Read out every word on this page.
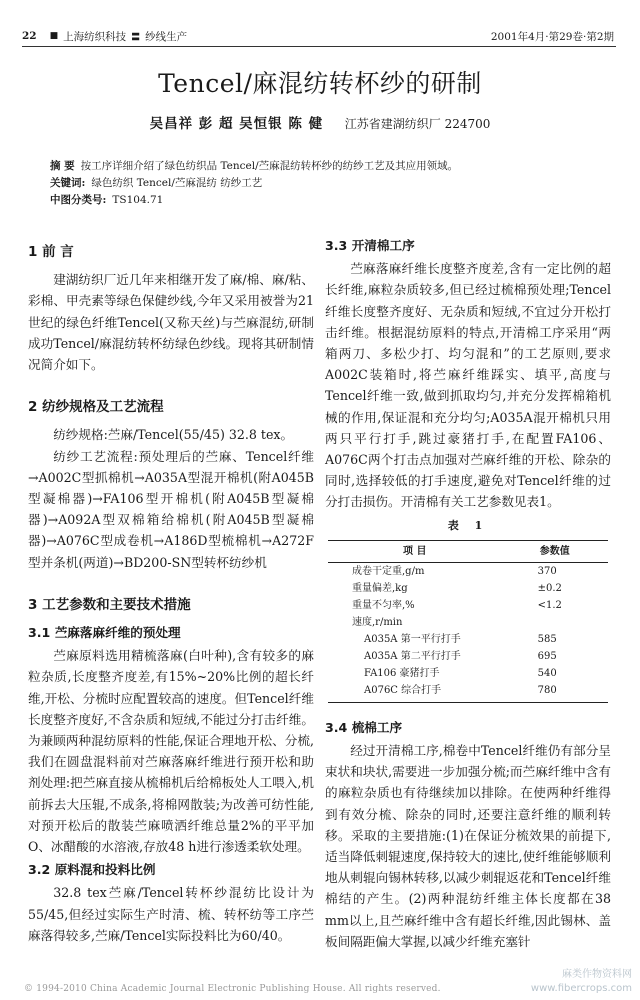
22 ■ 上海纺织科技 〓 纱线生产	2001年4月·第29卷·第2期
Tencel/麻混纺转杯纱的研制
吴昌祥 彭 超 吴恒银 陈 健 江苏省建湖纺织厂 224700
摘 要 按工序详细介绍了绿色纺织品 Tencel/苎麻混纺转杯纱的纺纱工艺及其应用领域。
关键词: 绿色纺织 Tencel/苎麻混纺 纺纱工艺
中图分类号: TS104.71
1 前 言

建湖纺织厂近几年来相继开发了麻/棉、麻/粘、彩棉、甲壳素等绿色保健纱线,今年又采用被誉为21世纪的绿色纤维Tencel(又称天丝)与苎麻混纺,研制成功Tencel/麻混纺转杯纺绿色纱线。现将其研制情况简介如下。

2 纺纱规格及工艺流程

纺纱规格:苎麻/Tencel(55/45) 32.8 tex。

纺纱工艺流程:预处理后的苎麻、Tencel纤维→A002C型抓棉机→A035A型混开棉机(附A045B型凝棉器)→FA106型开棉机(附A045B型凝棉器)→A092A型双棉箱给棉机(附A045B型凝棉器)→A076C型成卷机→A186D型梳棉机→A272F型并条机(两道)→BD200-SN型转杯纺纱机

3 工艺参数和主要技术措施
3.1 苎麻落麻纤维的预处理

苎麻原料选用精梳落麻(白叶种),含有较多的麻粒杂质,长度整齐度差,有15%~20%比例的超长纤维,开松、分梳时应配置较高的速度。但Tencel纤维长度整齐度好,不含杂质和短绒,不能过分打击纤维。为兼顾两种混纺原料的性能,保证合理地开松、分梳,我们在圆盘混料前对苎麻落麻纤维进行预开松和助剂处理:把苎麻直接从梳棉机后给棉板处人工喂入,机前拆去大压辊,不成条,将棉网散装;为改善可纺性能,对预开松后的散装苎麻喷洒纤维总量2%的平平加O、冰醋酸的水溶液,存放48 h进行渗透柔软处理。

3.2 原料混和投料比例

32.8 tex苎麻/Tencel转杯纱混纺比设计为55/45,但经过实际生产时清、梳、转杯纺等工序苎麻落得较多,苎麻/Tencel实际投料比为60/40。

3.3 开清棉工序

苎麻落麻纤维长度整齐度差,含有一定比例的超长纤维,麻粒杂质较多,但已经过梳棉预处理;Tencel纤维长度整齐度好、无杂质和短绒,不宜过分开松打击纤维。根据混纺原料的特点,开清棉工序采用“两箱两刀、多松少打、均匀混和”的工艺原则,要求A002C装箱时,将苎麻纤维踩实、填平,高度与Tencel纤维一致,做到抓取均匀,并充分发挥棉箱机械的作用,保证混和充分均匀;A035A混开棉机只用两只平行打手,跳过豪猪打手,在配置FA106、A076C两个打击点加强对苎麻纤维的开松、除杂的同时,选择较低的打手速度,避免对Tencel纤维的过分打击损伤。开清棉有关工艺参数见表1。

表 1
项 目	参数值
成卷干定重,g/m	370
重量偏差,kg	±0.2
重量不匀率,%	<1.2
速度,r/min	
A035A 第一平行打手	585
A035A 第二平行打手	695
FA106 豪猪打手	540
A076C 综合打手	780
3.4 梳棉工序

经过开清棉工序,棉卷中Tencel纤维仍有部分呈束状和块状,需要进一步加强分梳;而苎麻纤维中含有的麻粒杂质也有待继续加以排除。在使两种纤维得到有效分梳、除杂的同时,还要注意纤维的顺利转移。采取的主要措施:(1)在保证分梳效果的前提下,适当降低刺辊速度,保持较大的速比,使纤维能够顺利地从刺辊向锡林转移,以减少刺辊返花和Tencel纤维棉结的产生。(2)两种混纺纤维主体长度都在38 mm以上,且苎麻纤维中含有超长纤维,因此锡林、盖板间隔距偏大掌握,以减少纤维充塞针

© 1994-2010 China Academic Journal Electronic Publishing House. All rights reserved.
麻类作物资料网
www.fibercrops.com
